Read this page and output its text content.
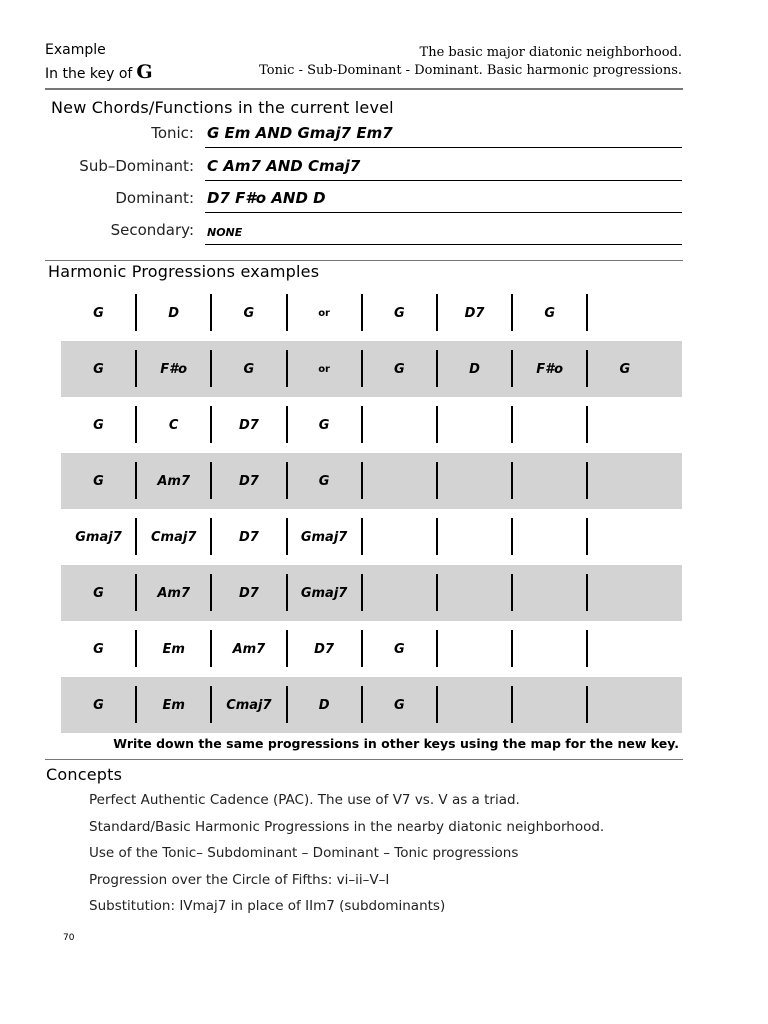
Example
In the key of G
The basic major diatonic neighborhood.
Tonic - Sub-Dominant - Dominant. Basic harmonic progressions.
New Chords/Functions in the current level
Tonic: G Em AND Gmaj7 Em7
Sub–Dominant: C Am7 AND Cmaj7
Dominant: D7 F#o AND D
Secondary: NONE
Harmonic Progressions examples
G	D	G	or	G	D7	G
G	F#o	G	or	G	D	F#o	G
G	C	D7	G
G	Am7	D7	G
Gmaj7	Cmaj7	D7	Gmaj7
G	Am7	D7	Gmaj7
G	Em	Am7	D7	G
G	Em	Cmaj7	D	G
Write down the same progressions in other keys using the map for the new key.
Concepts
Perfect Authentic Cadence (PAC). The use of V7 vs. V as a triad.
Standard/Basic Harmonic Progressions in the nearby diatonic neighborhood.
Use of the Tonic– Subdominant – Dominant – Tonic progressions
Progression over the Circle of Fifths: vi–ii–V–I
Substitution: IVmaj7 in place of IIm7 (subdominants)
70
